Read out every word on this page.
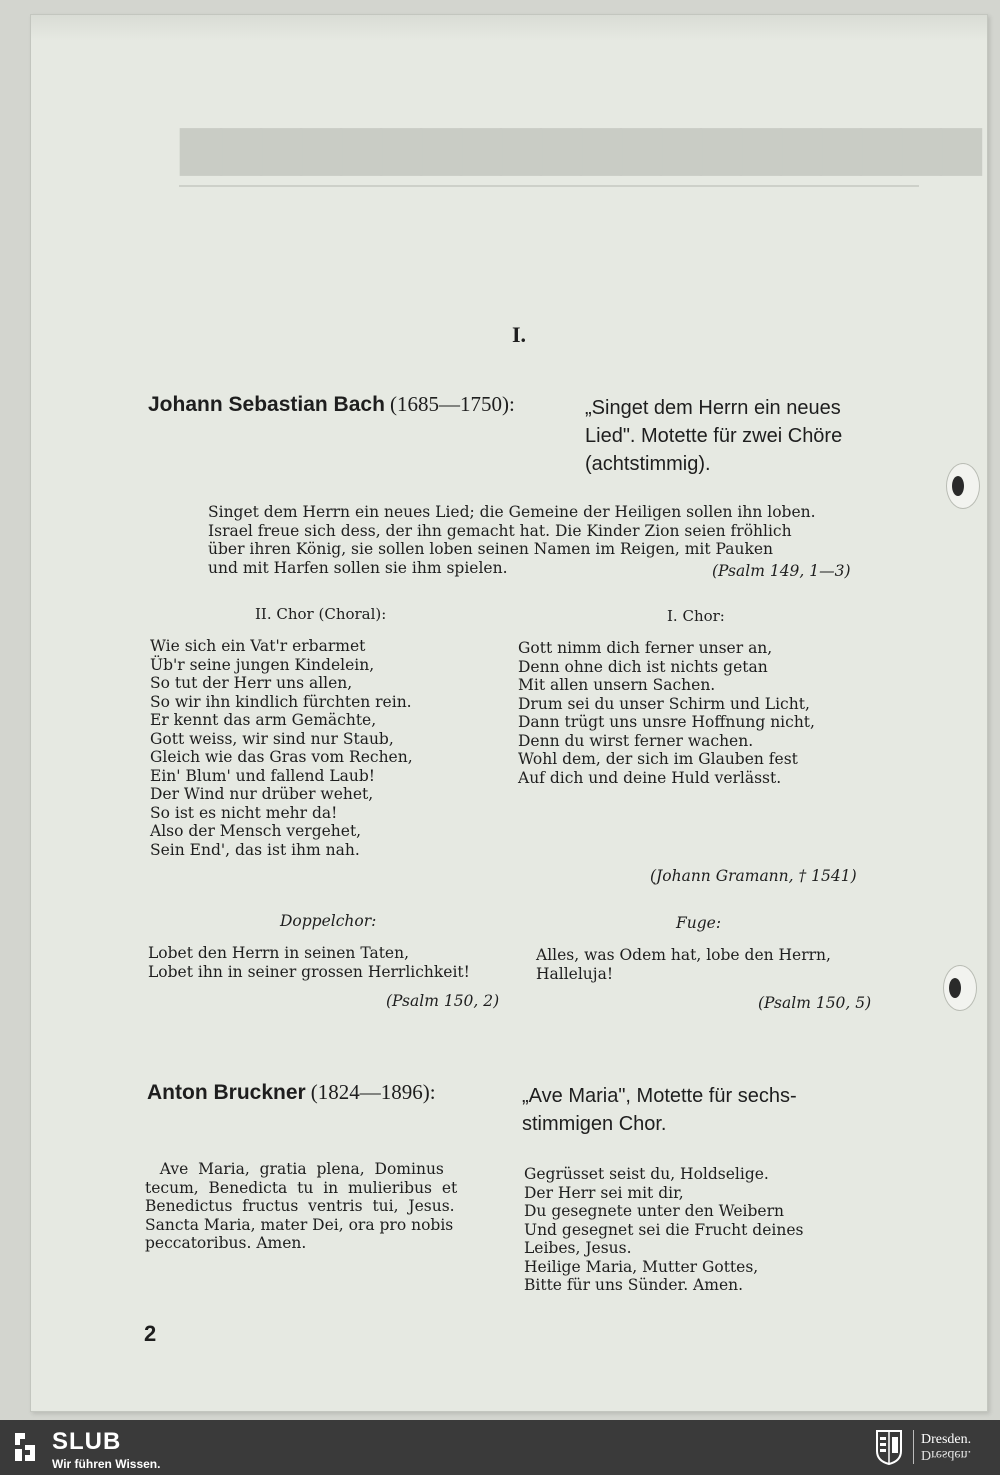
▆▆▆▆▆▆▆▆▆▆▆▆▆▆▆▆▆▆▆▆
I.
Johann Sebastian Bach (1685—1750):	„Singet dem Herrn ein neues
Lied". Motette für zwei Chöre
(achtstimmig).
Singet dem Herrn ein neues Lied; die Gemeine der Heiligen sollen ihn loben.
Israel freue sich dess, der ihn gemacht hat. Die Kinder Zion seien fröhlich
über ihren König, sie sollen loben seinen Namen im Reigen, mit Pauken
und mit Harfen sollen sie ihm spielen.	(Psalm 149, 1—3)
II. Chor (Choral):	I. Chor:
Wie sich ein Vat'r erbarmet
Üb'r seine jungen Kindelein,
So tut der Herr uns allen,
So wir ihn kindlich fürchten rein.
Er kennt das arm Gemächte,
Gott weiss, wir sind nur Staub,
Gleich wie das Gras vom Rechen,
Ein' Blum' und fallend Laub!
Der Wind nur drüber wehet,
So ist es nicht mehr da!
Also der Mensch vergehet,
Sein End', das ist ihm nah.
Gott nimm dich ferner unser an,
Denn ohne dich ist nichts getan
Mit allen unsern Sachen.
Drum sei du unser Schirm und Licht,
Dann trügt uns unsre Hoffnung nicht,
Denn du wirst ferner wachen.
Wohl dem, der sich im Glauben fest
Auf dich und deine Huld verlässt.
(Johann Gramann, † 1541)
Doppelchor:	Fuge:
Lobet den Herrn in seinen Taten,
Lobet ihn in seiner grossen Herrlichkeit!
Alles, was Odem hat, lobe den Herrn,
Halleluja!
(Psalm 150, 2)	(Psalm 150, 5)
Anton Bruckner (1824—1896):	„Ave Maria", Motette für sechs-
stimmigen Chor.
Ave  Maria,  gratia  plena,  Dominus
tecum,  Benedicta  tu  in  mulieribus  et
Benedictus  fructus  ventris  tui,  Jesus.
Sancta Maria, mater Dei, ora pro nobis
peccatoribus. Amen.
Gegrüsset seist du, Holdselige.
Der Herr sei mit dir,
Du gesegnete unter den Weibern
Und gesegnet sei die Frucht deines
Leibes, Jesus.
Heilige Maria, Mutter Gottes,
Bitte für uns Sünder. Amen.
2
SLUB
Wir führen Wissen.
Dresden.
Dresden.
